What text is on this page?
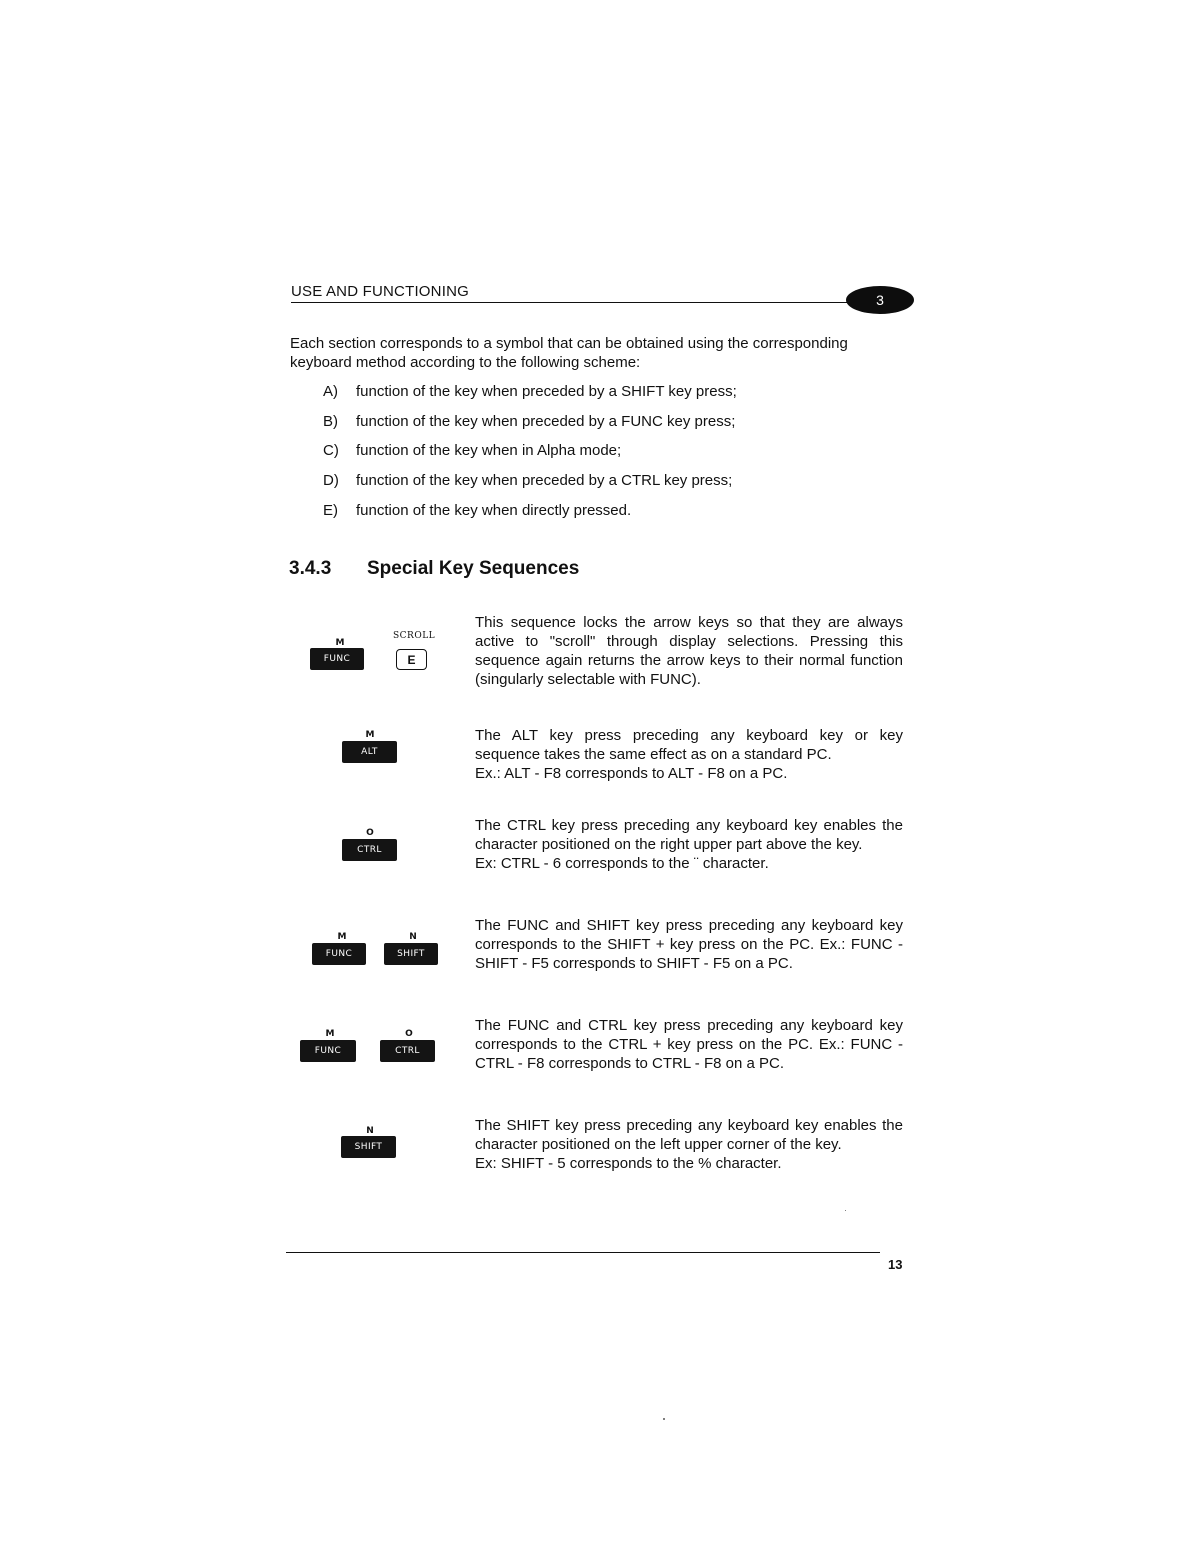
USE AND FUNCTIONING	3
Each section corresponds to a symbol that can be obtained using the corresponding keyboard method according to the following scheme:
A) function of the key when preceded by a SHIFT key press;
B) function of the key when preceded by a FUNC key press;
C) function of the key when in Alpha mode;
D) function of the key when preceded by a CTRL key press;
E) function of the key when directly pressed.
3.4.3 Special Key Sequences
M
FUNC
SCROLL
E

This sequence locks the arrow keys so that they are always active to "scroll" through display selections. Pressing this sequence again returns the arrow keys to their normal function (singularly selectable with FUNC).

M
ALT

The ALT key press preceding any keyboard key or key sequence takes the same effect as on a standard PC.

Ex.: ALT - F8 corresponds to ALT - F8 on a PC.

O
CTRL

The CTRL key press preceding any keyboard key enables the character positioned on the right upper part above the key.

Ex: CTRL - 6 corresponds to the ¨ character.

M
FUNC
N
SHIFT

The FUNC and SHIFT key press preceding any keyboard key corresponds to the SHIFT + key press on the PC. Ex.: FUNC - SHIFT - F5 corresponds to SHIFT - F5 on a PC.

M
FUNC
O
CTRL

The FUNC and CTRL key press preceding any keyboard key corresponds to the CTRL + key press on the PC. Ex.: FUNC - CTRL - F8 corresponds to CTRL - F8 on a PC.

N
SHIFT

The SHIFT key press preceding any keyboard key enables the character positioned on the left upper corner of the key.

Ex: SHIFT - 5 corresponds to the % character.

13
